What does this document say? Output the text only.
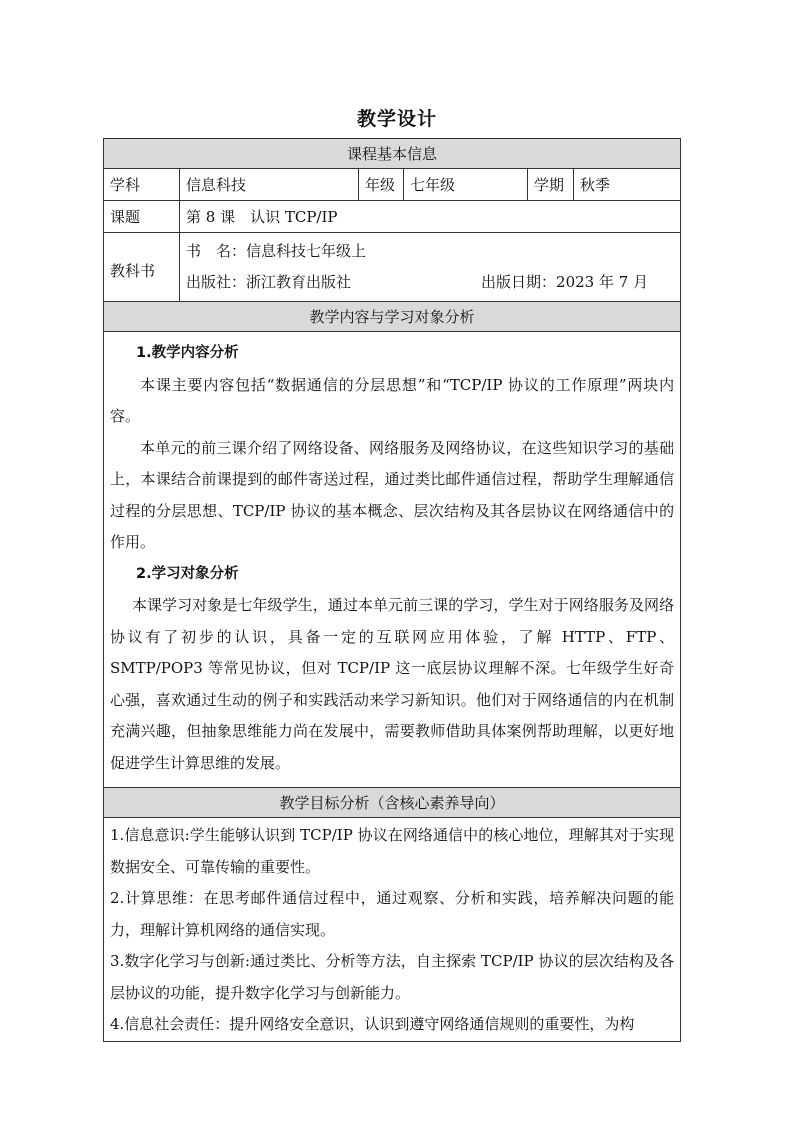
教学设计
课程基本信息					
学科	信息科技	年级	七年级	学期	秋季
课题	第 8 课　认识 TCP/IP				
教科书	书　名：信息科技七年级上
出版社：浙江教育出版社 出版日期：2023 年 7 月				

教学内容与学习对象分析					

1.教学内容分析

本课主要内容包括“数据通信的分层思想”和“TCP/IP 协议的工作原理”两块内容。

本单元的前三课介绍了网络设备、网络服务及网络协议，在这些知识学习的基础上，本课结合前课提到的邮件寄送过程，通过类比邮件通信过程，帮助学生理解通信过程的分层思想、TCP/IP 协议的基本概念、层次结构及其各层协议在网络通信中的作用。

2.学习对象分析

本课学习对象是七年级学生，通过本单元前三课的学习，学生对于网络服务及网络协议有了初步的认识，具备一定的互联网应用体验，了解 HTTP、FTP、SMTP/POP3 等常见协议，但对 TCP/IP 这一底层协议理解不深。七年级学生好奇心强，喜欢通过生动的例子和实践活动来学习新知识。他们对于网络通信的内在机制充满兴趣，但抽象思维能力尚在发展中，需要教师借助具体案例帮助理解，以更好地促进学生计算思维的发展。					

教学目标分析（含核心素养导向）					

1.信息意识:学生能够认识到 TCP/IP 协议在网络通信中的核心地位，理解其对于实现数据安全、可靠传输的重要性。

2.计算思维：在思考邮件通信过程中，通过观察、分析和实践，培养解决问题的能力，理解计算机网络的通信实现。

3.数字化学习与创新:通过类比、分析等方法，自主探索 TCP/IP 协议的层次结构及各层协议的功能，提升数字化学习与创新能力。

4.信息社会责任：提升网络安全意识，认识到遵守网络通信规则的重要性，为构					
